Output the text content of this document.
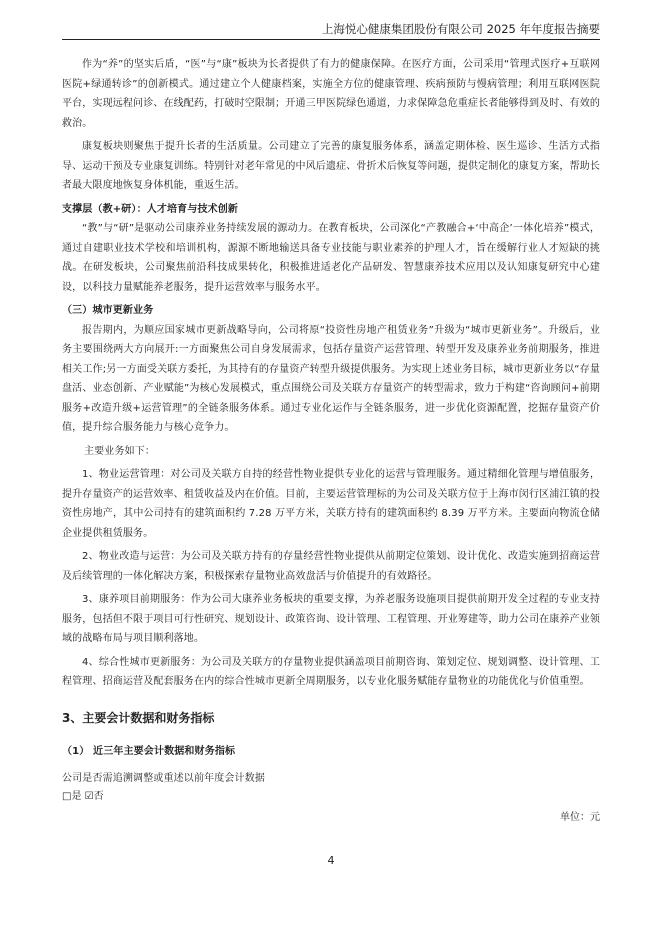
上海悦心健康集团股份有限公司 2025 年年度报告摘要

作为“养”的坚实后盾，“医”与“康”板块为长者提供了有力的健康保障。在医疗方面，公司采用“管理式医疗+互联网医院+绿通转诊”的创新模式。通过建立个人健康档案，实施全方位的健康管理、疾病预防与慢病管理；利用互联网医院平台，实现远程问诊、在线配药，打破时空限制；开通三甲医院绿色通道，力求保障急危重症长者能够得到及时、有效的救治。

康复板块则聚焦于提升长者的生活质量。公司建立了完善的康复服务体系，涵盖定期体检、医生巡诊、生活方式指导、运动干预及专业康复训练。特别针对老年常见的中风后遗症、骨折术后恢复等问题，提供定制化的康复方案，帮助长者最大限度地恢复身体机能，重返生活。

支撑层（教+研）：人才培育与技术创新

“教”与“研”是驱动公司康养业务持续发展的源动力。在教育板块，公司深化“产教融合+‘中高企’一体化培养”模式，通过自建职业技术学校和培训机构，源源不断地输送具备专业技能与职业素养的护理人才，旨在缓解行业人才短缺的挑战。在研发板块，公司聚焦前沿科技成果转化，积极推进适老化产品研发、智慧康养技术应用以及认知康复研究中心建设，以科技力量赋能养老服务，提升运营效率与服务水平。

（三）城市更新业务

报告期内，为顺应国家城市更新战略导向，公司将原“投资性房地产租赁业务”升级为“城市更新业务”。升级后，业务主要围绕两大方向展开:一方面聚焦公司自身发展需求，包括存量资产运营管理、转型开发及康养业务前期服务，推进相关工作;另一方面受关联方委托，为其持有的存量资产转型升级提供服务。为实现上述业务目标，城市更新业务以“存量盘活、业态创新、产业赋能”为核心发展模式，重点围绕公司及关联方存量资产的转型需求，致力于构建“咨询顾问+前期服务+改造升级+运营管理”的全链条服务体系。通过专业化运作与全链条服务，进一步优化资源配置，挖掘存量资产价值，提升综合服务能力与核心竞争力。

主要业务如下：

1、物业运营管理：对公司及关联方自持的经营性物业提供专业化的运营与管理服务。通过精细化管理与增值服务，提升存量资产的运营效率、租赁收益及内在价值。目前，主要运营管理标的为公司及关联方位于上海市闵行区浦江镇的投资性房地产，其中公司持有的建筑面积约 7.28 万平方米，关联方持有的建筑面积约 8.39 万平方米。主要面向物流仓储企业提供租赁服务。

2、物业改造与运营：为公司及关联方持有的存量经营性物业提供从前期定位策划、设计优化、改造实施到招商运营及后续管理的一体化解决方案，积极探索存量物业高效盘活与价值提升的有效路径。

3、康养项目前期服务：作为公司大康养业务板块的重要支撑，为养老服务设施项目提供前期开发全过程的专业支持服务，包括但不限于项目可行性研究、规划设计、政策咨询、设计管理、工程管理、开业筹建等，助力公司在康养产业领域的战略布局与项目顺利落地。

4、综合性城市更新服务：为公司及关联方的存量物业提供涵盖项目前期咨询、策划定位、规划调整、设计管理、工程管理、招商运营及配套服务在内的综合性城市更新全周期服务，以专业化服务赋能存量物业的功能优化与价值重塑。

3、主要会计数据和财务指标

（1） 近三年主要会计数据和财务指标

公司是否需追溯调整或重述以前年度会计数据

□是 ☑否
单位：元
4
